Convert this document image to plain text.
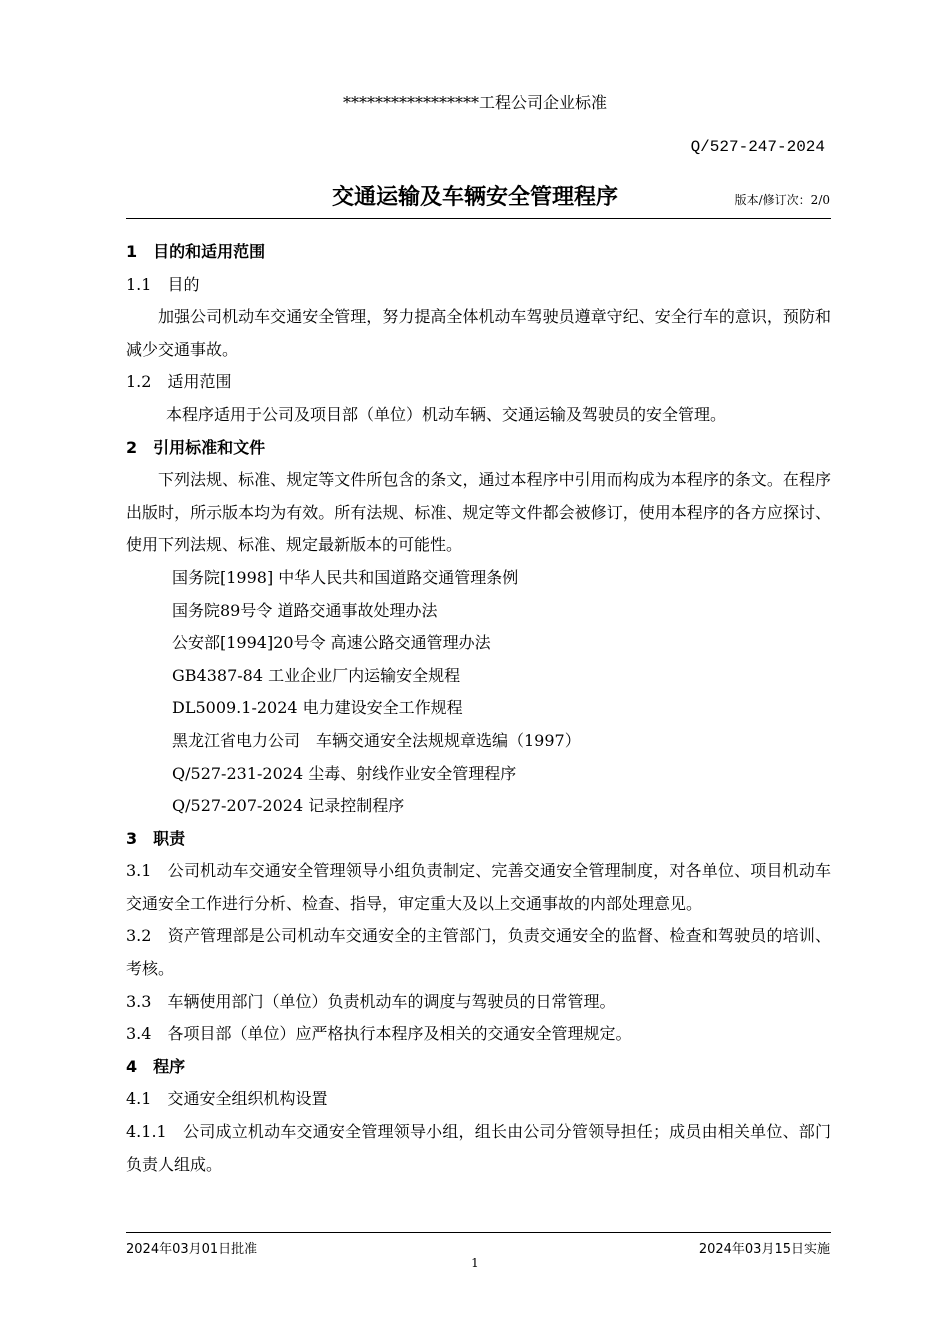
*****************工程公司企业标准
Q/527-247-2024
交通运输及车辆安全管理程序	版本/修订次：2/0
1　目的和适用范围
1.1　目的

加强公司机动车交通安全管理，努力提高全体机动车驾驶员遵章守纪、安全行车的意识，预防和减少交通事故。

1.2　适用范围
本程序适用于公司及项目部（单位）机动车辆、交通运输及驾驶员的安全管理。
2　引用标准和文件

下列法规、标准、规定等文件所包含的条文，通过本程序中引用而构成为本程序的条文。在程序出版时，所示版本均为有效。所有法规、标准、规定等文件都会被修订，使用本程序的各方应探讨、使用下列法规、标准、规定最新版本的可能性。

国务院[1998] 中华人民共和国道路交通管理条例
国务院89号令 道路交通事故处理办法
公安部[1994]20号令 高速公路交通管理办法
GB4387-84 工业企业厂内运输安全规程
DL5009.1-2024 电力建设安全工作规程
黑龙江省电力公司　车辆交通安全法规规章选编（1997）
Q/527-231-2024 尘毒、射线作业安全管理程序
Q/527-207-2024 记录控制程序
3　职责

3.1　公司机动车交通安全管理领导小组负责制定、完善交通安全管理制度，对各单位、项目机动车交通安全工作进行分析、检查、指导，审定重大及以上交通事故的内部处理意见。

3.2　资产管理部是公司机动车交通安全的主管部门，负责交通安全的监督、检查和驾驶员的培训、考核。

3.3　车辆使用部门（单位）负责机动车的调度与驾驶员的日常管理。
3.4　各项目部（单位）应严格执行本程序及相关的交通安全管理规定。
4　程序
4.1　交通安全组织机构设置

4.1.1　公司成立机动车交通安全管理领导小组，组长由公司分管领导担任；成员由相关单位、部门负责人组成。

2024年03月01日批准	2024年03月15日实施
1
